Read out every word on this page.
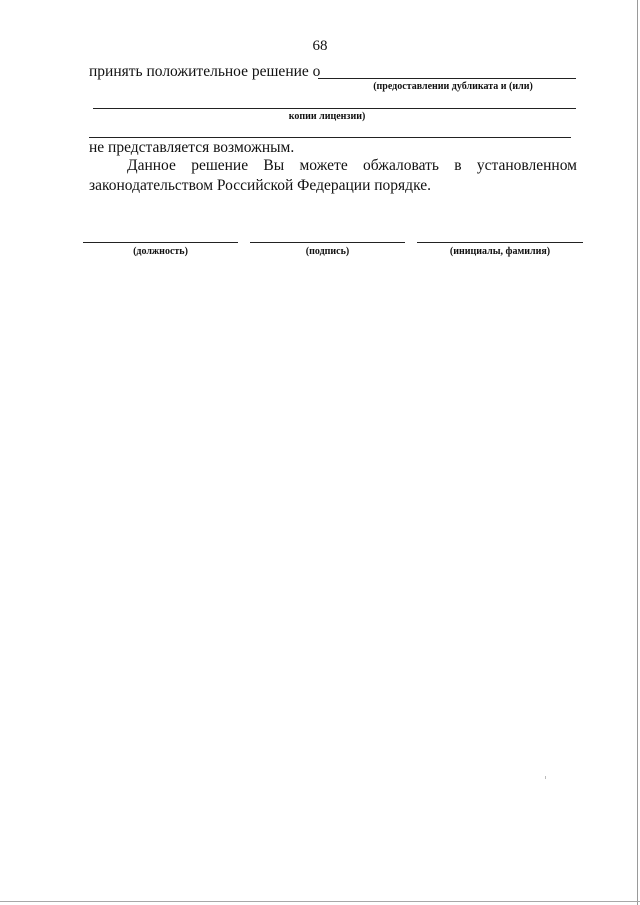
68
принять положительное решение о
(предоставлении дубликата и (или)
копии лицензии)
не представляется возможным.
Данное решение Вы можете обжаловать в установленном
законодательством Российской Федерации порядке.
(должность)	(подпись)	(инициалы, фамилия)
